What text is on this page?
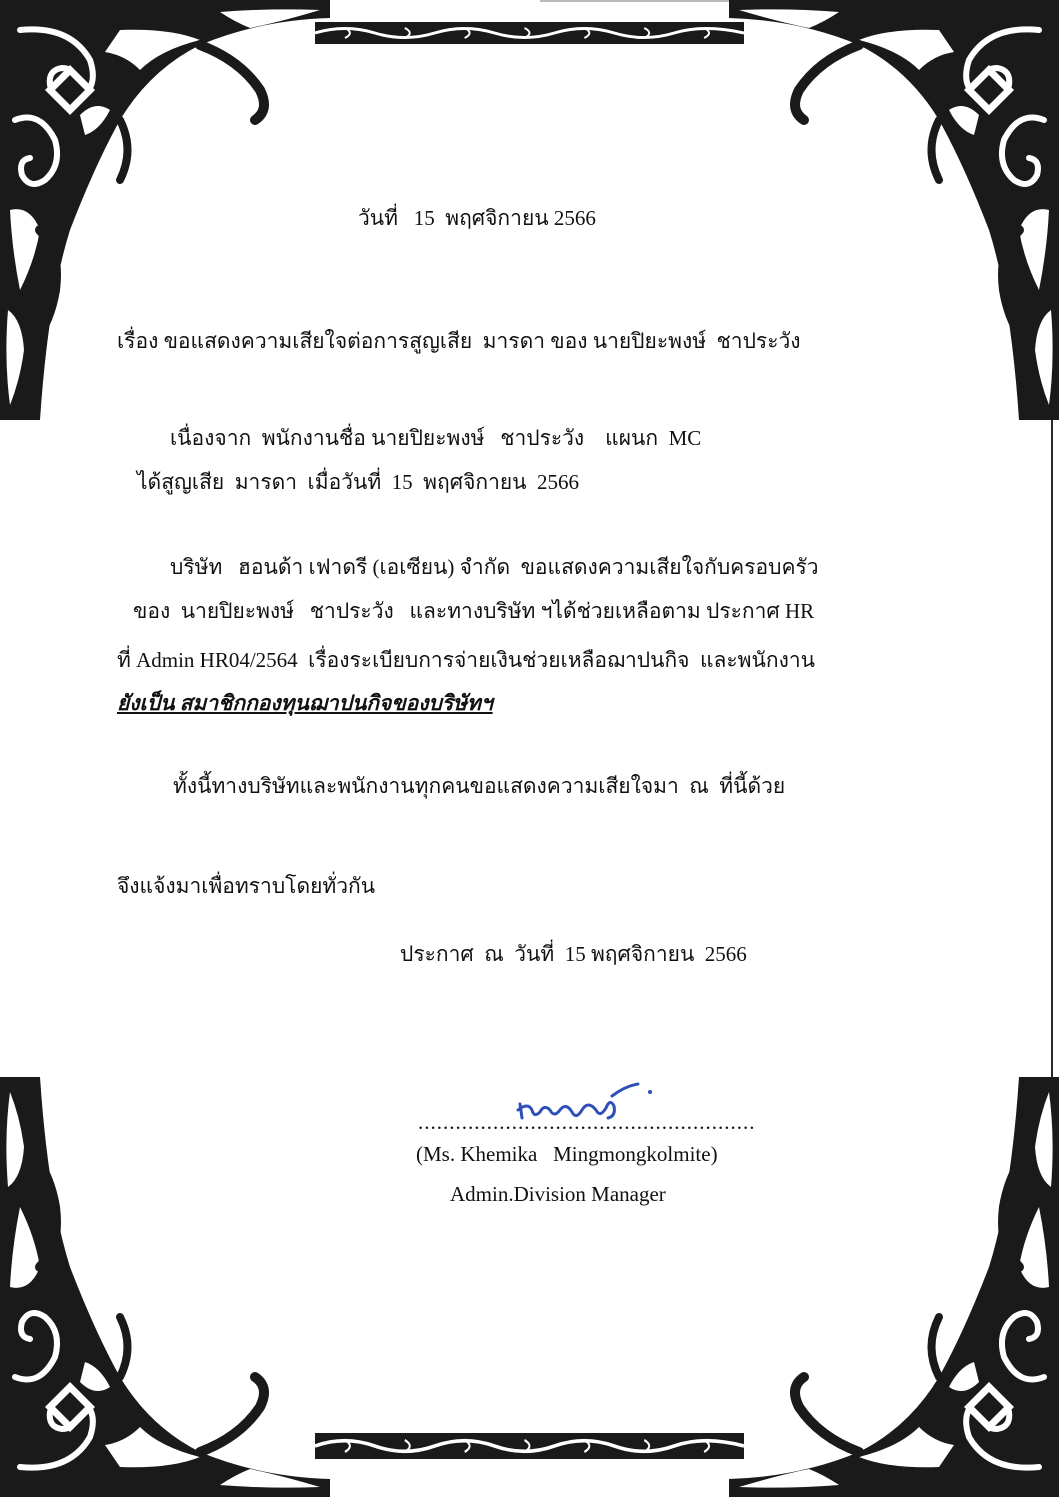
วันที่   15  พฤศจิกายน 2566
เรื่อง ขอแสดงความเสียใจต่อการสูญเสีย  มารดา ของ นายปิยะพงษ์  ชาประวัง
เนื่องจาก  พนักงานชื่อ นายปิยะพงษ์   ชาประวัง    แผนก  MC
ได้สูญเสีย  มารดา  เมื่อวันที่  15  พฤศจิกายน  2566
บริษัท   ฮอนด้า เฟาดรี (เอเซียน) จำกัด  ขอแสดงความเสียใจกับครอบครัว
ของ  นายปิยะพงษ์   ชาประวัง   และทางบริษัท ฯได้ช่วยเหลือตาม ประกาศ HR
ที่ Admin HR04/2564  เรื่องระเบียบการจ่ายเงินช่วยเหลือฌาปนกิจ  และพนักงาน
ยังเป็น สมาชิกกองทุนฌาปนกิจของบริษัทฯ
ทั้งนี้ทางบริษัทและพนักงานทุกคนขอแสดงความเสียใจมา  ณ  ที่นี้ด้วย
จึงแจ้งมาเพื่อทราบโดยทั่วกัน
ประกาศ  ณ  วันที่  15 พฤศจิกายน  2566
......................................................
(Ms. Khemika   Mingmongkolmite)
Admin.Division Manager
